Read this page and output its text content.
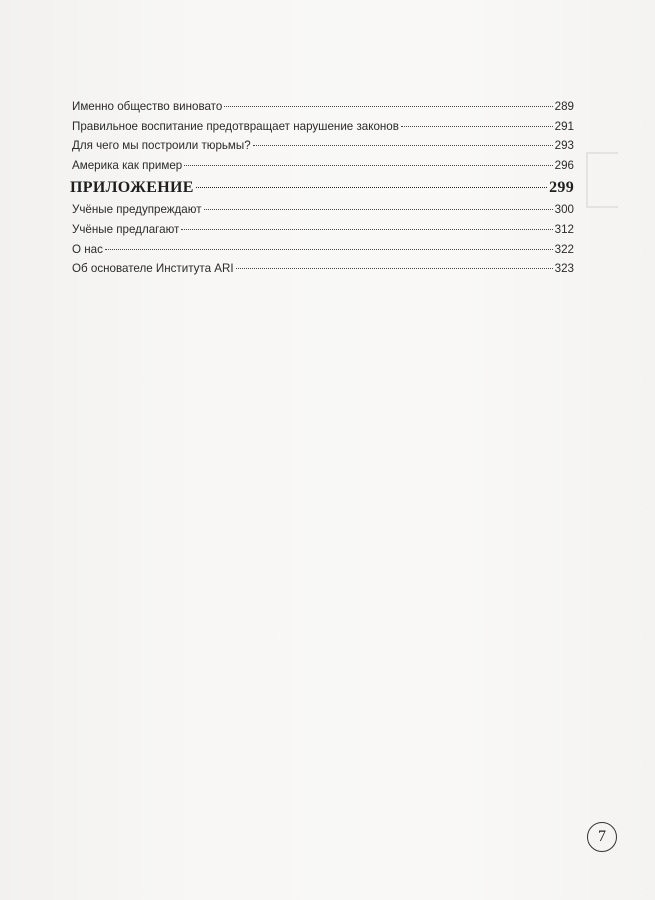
Именно общество виновато	289
Правильное воспитание предотвращает нарушение законов	291
Для чего мы построили тюрьмы?	293
Америка как пример	296
ПРИЛОЖЕНИЕ	299
Учёные предупреждают	300
Учёные предлагают	312
О нас	322
Об основателе Института ARI	323
7
